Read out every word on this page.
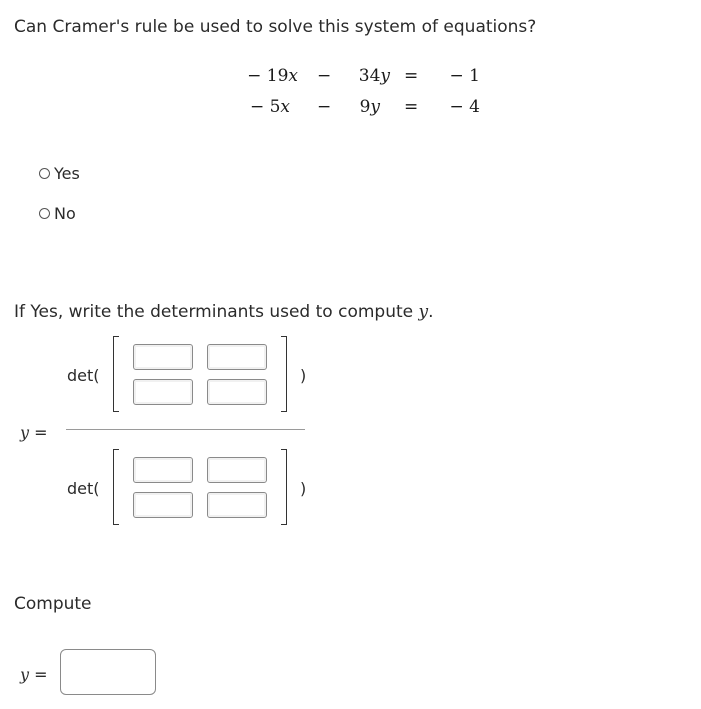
Can Cramer's rule be used to solve this system of equations?
− 19x −	34y =	− 1
− 5x −	9y =	− 4
Yes
No
If Yes, write the determinants used to compute y.
y =
det(	)
det(	)
Compute
y =
